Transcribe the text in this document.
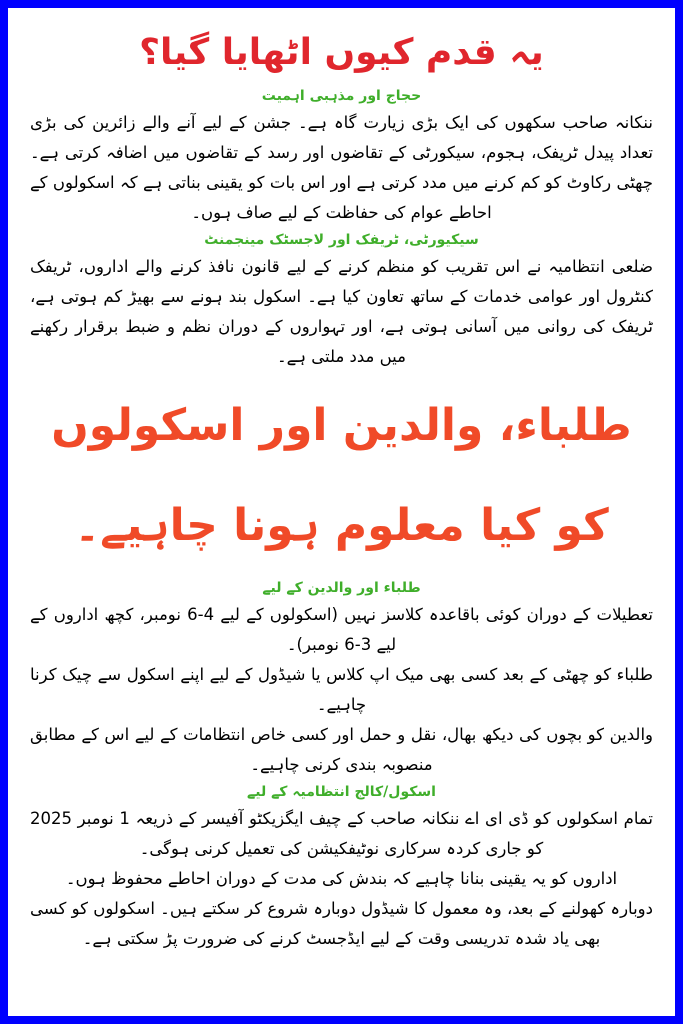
یہ قدم کیوں اٹھایا گیا؟
حجاج اور مذہبی اہمیت

ننکانہ صاحب سکھوں کی ایک بڑی زیارت گاہ ہے۔ جشن کے لیے آنے والے زائرین کی بڑی تعداد پیدل ٹریفک، ہجوم، سیکورٹی کے تقاضوں اور رسد کے تقاضوں میں اضافہ کرتی ہے۔ چھٹی رکاوٹ کو کم کرنے میں مدد کرتی ہے اور اس بات کو یقینی بناتی ہے کہ اسکولوں کے احاطے عوام کی حفاظت کے لیے صاف ہوں۔

سیکیورٹی، ٹریفک اور لاجسٹک مینجمنٹ

ضلعی انتظامیہ نے اس تقریب کو منظم کرنے کے لیے قانون نافذ کرنے والے اداروں، ٹریفک کنٹرول اور عوامی خدمات کے ساتھ تعاون کیا ہے۔ اسکول بند ہونے سے بھیڑ کم ہوتی ہے، ٹریفک کی روانی میں آسانی ہوتی ہے، اور تہواروں کے دوران نظم و ضبط برقرار رکھنے میں مدد ملتی ہے۔

طلباء، والدین اور اسکولوں کو کیا معلوم ہونا چاہیے۔
طلباء اور والدین کے لیے

تعطیلات کے دوران کوئی باقاعدہ کلاسز نہیں (اسکولوں کے لیے 4-6 نومبر، کچھ اداروں کے لیے 3-6 نومبر)۔

طلباء کو چھٹی کے بعد کسی بھی میک اپ کلاس یا شیڈول کے لیے اپنے اسکول سے چیک کرنا چاہیے۔

والدین کو بچوں کی دیکھ بھال، نقل و حمل اور کسی خاص انتظامات کے لیے اس کے مطابق منصوبہ بندی کرنی چاہیے۔

اسکول/کالج انتظامیہ کے لیے

تمام اسکولوں کو ڈی ای اے ننکانہ صاحب کے چیف ایگزیکٹو آفیسر کے ذریعہ 1 نومبر 2025 کو جاری کردہ سرکاری نوٹیفکیشن کی تعمیل کرنی ہوگی۔

اداروں کو یہ یقینی بنانا چاہیے کہ بندش کی مدت کے دوران احاطے محفوظ ہوں۔

دوبارہ کھولنے کے بعد، وہ معمول کا شیڈول دوبارہ شروع کر سکتے ہیں۔ اسکولوں کو کسی بھی یاد شدہ تدریسی وقت کے لیے ایڈجسٹ کرنے کی ضرورت پڑ سکتی ہے۔
